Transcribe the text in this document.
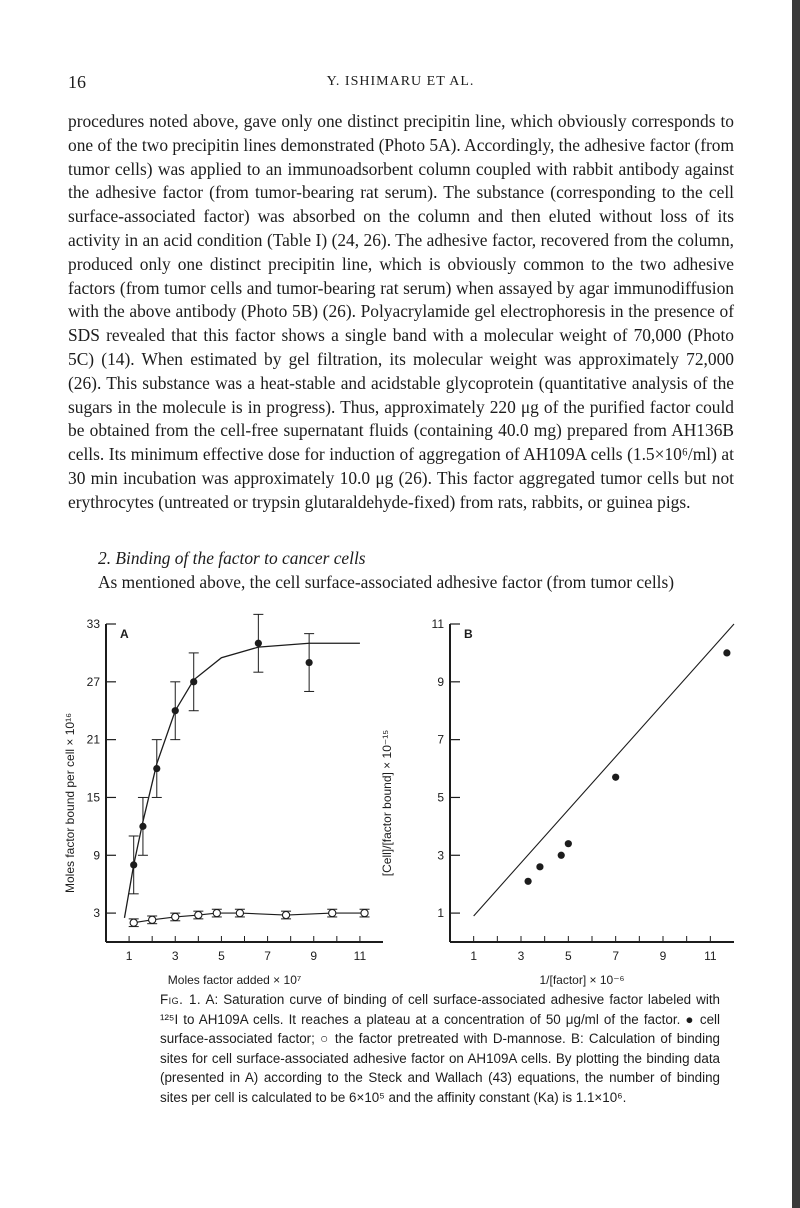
16	Y. ISHIMARU ET AL.

procedures noted above, gave only one distinct precipitin line, which obviously corresponds to one of the two precipitin lines demonstrated (Photo 5A). Accordingly, the adhesive factor (from tumor cells) was applied to an immunoadsorbent column coupled with rabbit antibody against the adhesive factor (from tumor-bearing rat serum). The substance (corresponding to the cell surface-associated factor) was absorbed on the column and then eluted without loss of its activity in an acid condition (Table I) (24, 26). The adhesive factor, recovered from the column, produced only one distinct precipitin line, which is obviously common to the two adhesive factors (from tumor cells and tumor-bearing rat serum) when assayed by agar immunodiffusion with the above antibody (Photo 5B) (26). Polyacrylamide gel electrophoresis in the presence of SDS revealed that this factor shows a single band with a molecular weight of 70,000 (Photo 5C) (14). When estimated by gel filtration, its molecular weight was approximately 72,000 (26). This substance was a heat-stable and acidstable glycoprotein (quantitative analysis of the sugars in the molecule is in progress). Thus, approximately 220 μg of the purified factor could be obtained from the cell-free supernatant fluids (containing 40.0 mg) prepared from AH136B cells. Its minimum effective dose for induction of aggregation of AH109A cells (1.5×10⁶/ml) at 30 min incubation was approximately 10.0 μg (26). This factor aggregated tumor cells but not erythrocytes (untreated or trypsin glutaraldehyde-fixed) from rats, rabbits, or guinea pigs.

2. Binding of the factor to cancer cells
As mentioned above, the cell surface-associated adhesive factor (from tumor cells)
A
3
9
15
21
27
33
1	3	5	7	9	11
Moles factor added × 10⁷
Moles factor bound per cell × 10¹⁶
B
1
3
5
7
9
11
1	3	5	7	9	11
1/[factor] × 10⁻⁶
[Cell]/[factor bound] × 10⁻¹⁵
Fig. 1. A: Saturation curve of binding of cell surface-associated adhesive factor labeled with ¹²⁵I to AH109A cells. It reaches a plateau at a concentration of 50 μg/ml of the factor. ● cell surface-associated factor; ○ the factor pretreated with D-mannose. B: Calculation of binding sites for cell surface-associated adhesive factor on AH109A cells. By plotting the binding data (presented in A) according to the Steck and Wallach (43) equations, the number of binding sites per cell is calculated to be 6×10⁵ and the affinity constant (Ka) is 1.1×10⁶.
